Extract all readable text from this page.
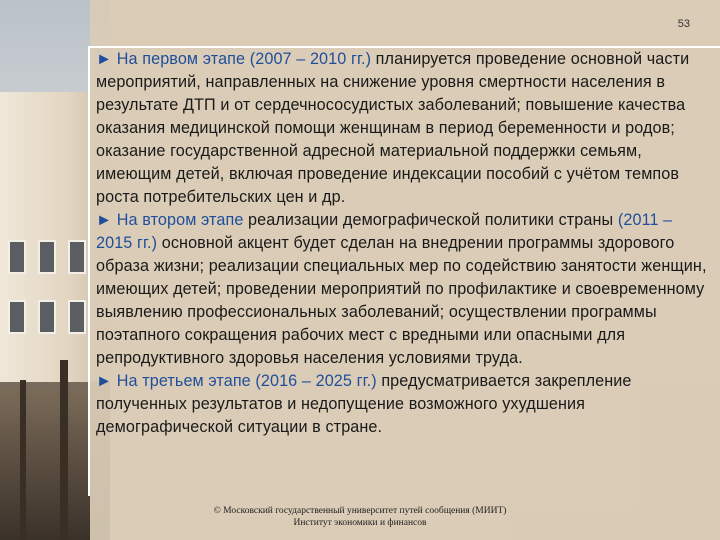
53

► На первом этапе (2007 – 2010 гг.) планируется проведение основной части мероприятий, направленных на снижение уровня смертности населения в результате ДТП и от сердечнососудистых заболеваний; повышение качества оказания медицинской помощи женщинам в период беременности и родов; оказание государственной адресной материальной поддержки семьям, имеющим детей, включая проведение индексации пособий с учётом темпов роста потребительских цен и др.

► На втором этапе реализации демографической политики страны (2011 – 2015 гг.) основной акцент будет сделан на внедрении программы здорового образа жизни; реализации специальных мер по содействию занятости женщин, имеющих детей; проведении мероприятий по профилактике и своевременному выявлению профессиональных заболеваний; осуществлении программы поэтапного сокращения рабочих мест с вредными или опасными для репродуктивного здоровья населения условиями труда.

► На третьем этапе (2016 – 2025 гг.) предусматривается закрепление полученных результатов и недопущение возможного ухудшения демографической ситуации в стране.

© Московский государственный университет путей сообщения (МИИТ)
Институт экономики и финансов
